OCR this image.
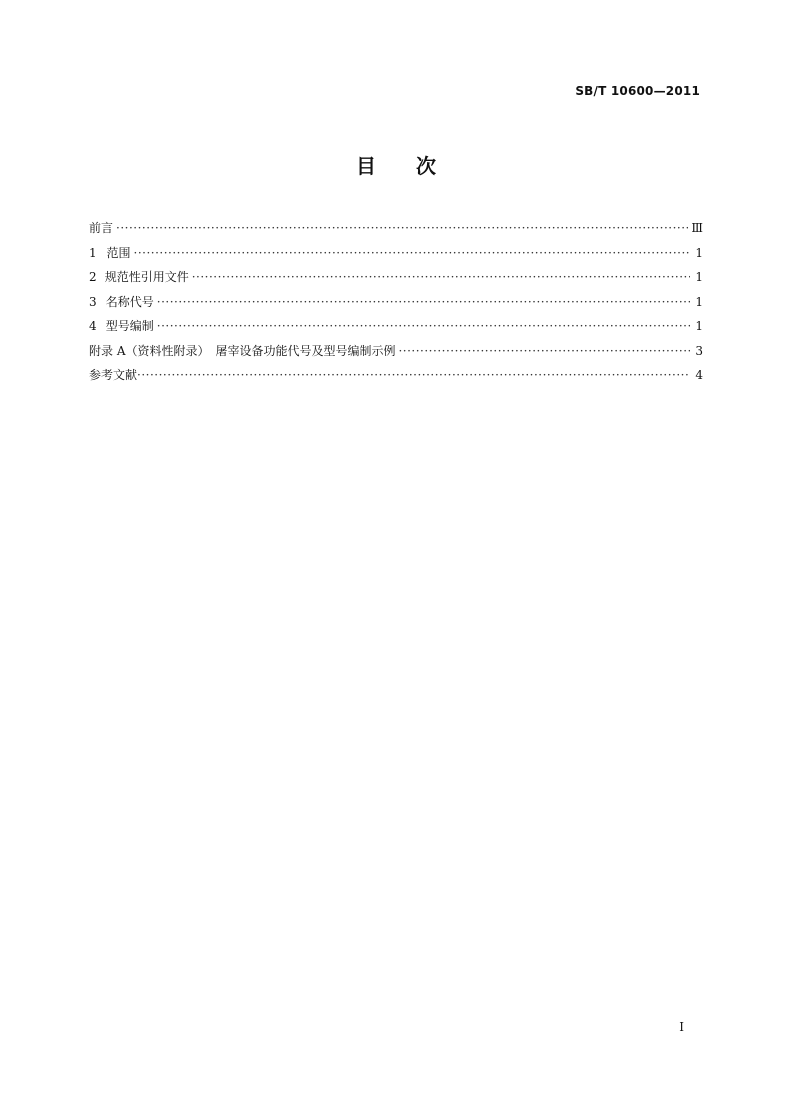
SB/T 10600—2011
目 次
前言 ·····	Ⅲ
1 范围 ·····	1
2 规范性引用文件 ·····	1
3 名称代号 ·····	1
4 型号编制 ·····	1
附录 A（资料性附录）　屠宰设备功能代号及型号编制示例 ·····	3
参考文献 ·····	4
I
